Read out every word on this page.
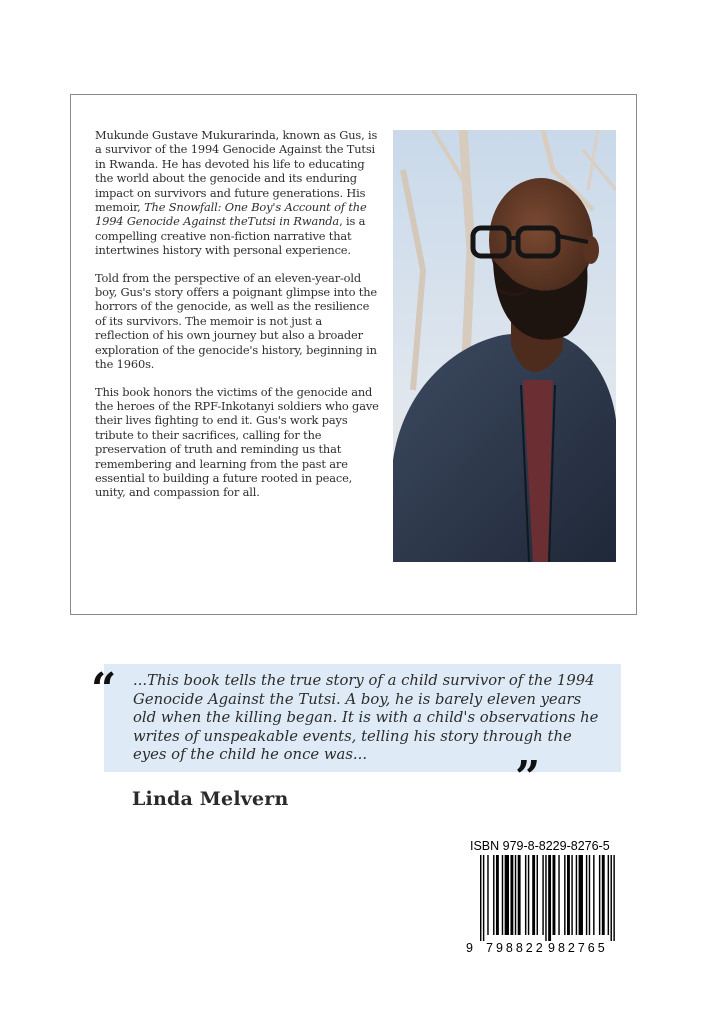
Mukunde Gustave Mukurarinda, known as Gus, is a survivor of the 1994 Genocide Against the Tutsi in Rwanda. He has devoted his life to educating the world about the genocide and its enduring impact on survivors and future generations. His memoir, The Snowfall: One Boy's Account of the 1994 Genocide Against theTutsi in Rwanda, is a compelling creative non-fiction narrative that intertwines history with personal experience.

Told from the perspective of an eleven-year-old boy, Gus's story offers a poignant glimpse into the horrors of the genocide, as well as the resilience of its survivors. The memoir is not just a reflection of his own journey but also a broader exploration of the genocide's history, beginning in the 1960s.

This book honors the victims of the genocide and the heroes of the RPF-Inkotanyi soldiers who gave their lives fighting to end it. Gus's work pays tribute to their sacrifices, calling for the preservation of truth and reminding us that remembering and learning from the past are essential to building a future rooted in peace, unity, and compassion for all.

...This book tells the true story of a child survivor of the 1994 Genocide Against the Tutsi. A boy, he is barely eleven years old when the killing began. It is with a child's observations he writes of unspeakable events, telling his story through the eyes of the child he once was...
“
”
Linda Melvern
ISBN 979-8-8229-8276-5
9 798822 982765
